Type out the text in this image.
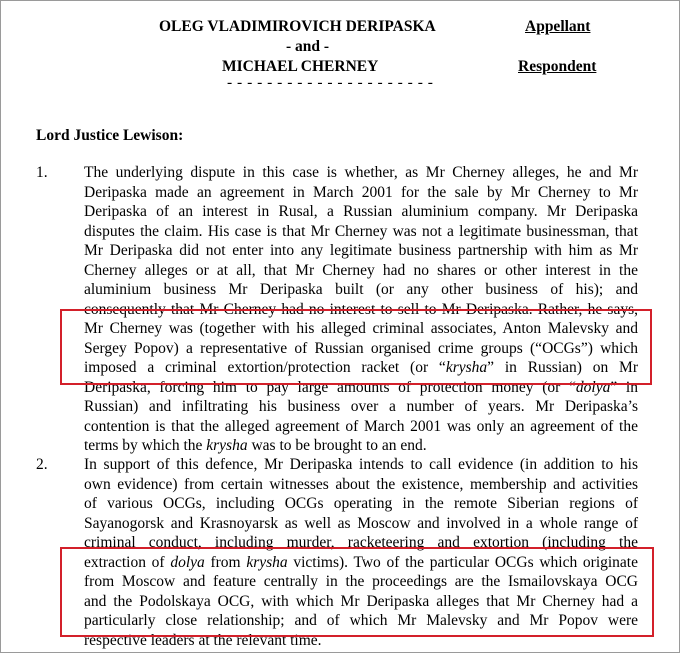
OLEG VLADIMIROVICH DERIPASKA	Appellant
- and -
MICHAEL CHERNEY	Respondent
- - - - - - - - - - - - - - - - - - - - -
Lord Justice Lewison:
1. The underlying dispute in this case is whether, as Mr Cherney alleges, he and Mr
Deripaska made an agreement in March 2001 for the sale by Mr Cherney to Mr
Deripaska of an interest in Rusal, a Russian aluminium company. Mr Deripaska
disputes the claim. His case is that Mr Cherney was not a legitimate businessman, that
Mr Deripaska did not enter into any legitimate business partnership with him as Mr
Cherney alleges or at all, that Mr Cherney had no shares or other interest in the
aluminium business Mr Deripaska built (or any other business of his); and
consequently that Mr Cherney had no interest to sell to Mr Deripaska. Rather, he says,
Mr Cherney was (together with his alleged criminal associates, Anton Malevsky and
Sergey Popov) a representative of Russian organised crime groups (“OCGs”) which
imposed a criminal extortion/protection racket (or “krysha” in Russian) on Mr
Deripaska, forcing him to pay large amounts of protection money (or “dolya” in
Russian) and infiltrating his business over a number of years. Mr Deripaska’s
contention is that the alleged agreement of March 2001 was only an agreement of the
terms by which the krysha was to be brought to an end.
2. In support of this defence, Mr Deripaska intends to call evidence (in addition to his
own evidence) from certain witnesses about the existence, membership and activities
of various OCGs, including OCGs operating in the remote Siberian regions of
Sayanogorsk and Krasnoyarsk as well as Moscow and involved in a whole range of
criminal conduct, including murder, racketeering and extortion (including the
extraction of dolya from krysha victims). Two of the particular OCGs which originate
from Moscow and feature centrally in the proceedings are the Ismailovskaya OCG
and the Podolskaya OCG, with which Mr Deripaska alleges that Mr Cherney had a
particularly close relationship; and of which Mr Malevsky and Mr Popov were
respective leaders at the relevant time.
